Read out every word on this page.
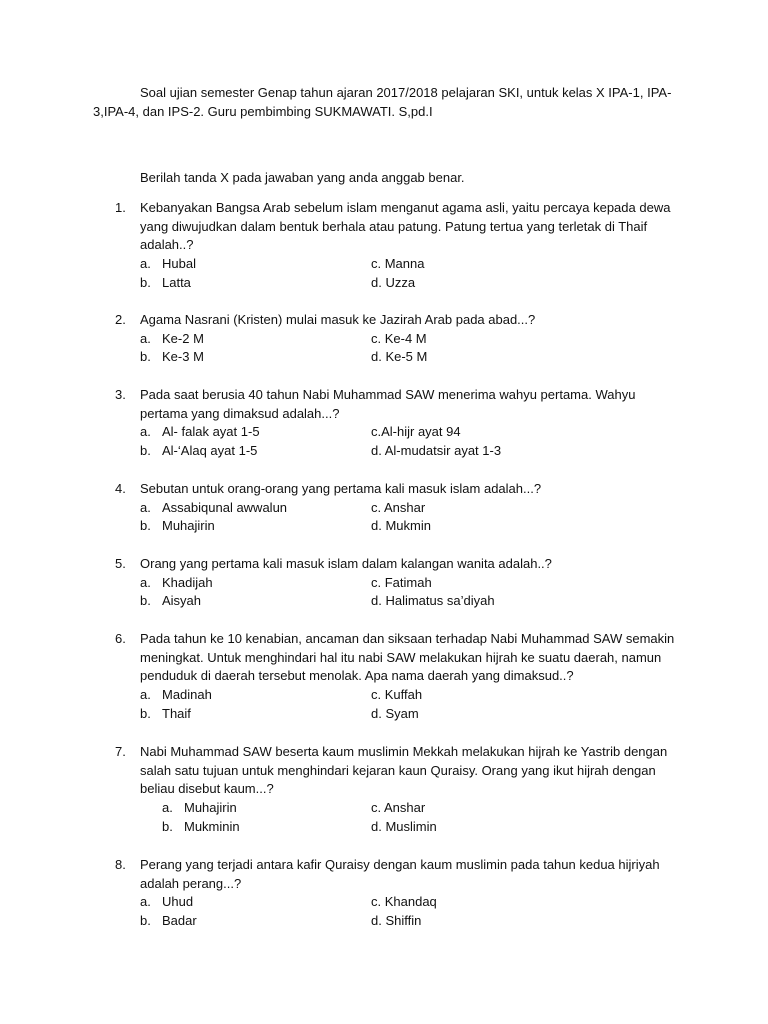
Soal ujian semester Genap tahun ajaran 2017/2018 pelajaran SKI, untuk kelas X IPA-1, IPA-
3,IPA-4, dan IPS-2. Guru pembimbing SUKMAWATI. S,pd.I
Berilah tanda X pada jawaban yang anda anggab benar.
1. Kebanyakan Bangsa Arab sebelum islam menganut agama asli, yaitu percaya kepada dewa
yang diwujudkan dalam bentuk berhala atau patung. Patung tertua yang terletak di Thaif
adalah..?
a. Hubal	c. Manna
b. Latta	d. Uzza
2. Agama Nasrani (Kristen) mulai masuk ke Jazirah Arab pada abad...?
a. Ke-2 M	c. Ke-4 M
b. Ke-3 M	d. Ke-5 M
3. Pada saat berusia 40 tahun Nabi Muhammad SAW menerima wahyu pertama. Wahyu
pertama yang dimaksud adalah...?
a. Al- falak ayat 1-5	c.Al-hijr ayat 94
b. Al-‘Alaq ayat 1-5	d. Al-mudatsir ayat 1-3
4. Sebutan untuk orang-orang yang pertama kali masuk islam adalah...?
a. Assabiqunal awwalun	c. Anshar
b. Muhajirin	d. Mukmin
5. Orang yang pertama kali masuk islam dalam kalangan wanita adalah..?
a. Khadijah	c. Fatimah
b. Aisyah	d. Halimatus sa’diyah
6. Pada tahun ke 10 kenabian, ancaman dan siksaan terhadap Nabi Muhammad SAW semakin
meningkat. Untuk menghindari hal itu nabi SAW melakukan hijrah ke suatu daerah, namun
penduduk di daerah tersebut menolak. Apa nama daerah yang dimaksud..?
a. Madinah	c. Kuffah
b. Thaif	d. Syam
7. Nabi Muhammad SAW beserta kaum muslimin Mekkah melakukan hijrah ke Yastrib dengan
salah satu tujuan untuk menghindari kejaran kaun Quraisy. Orang yang ikut hijrah dengan
beliau disebut kaum...?
a. Muhajirin	c. Anshar
b. Mukminin	d. Muslimin
8. Perang yang terjadi antara kafir Quraisy dengan kaum muslimin pada tahun kedua hijriyah
adalah perang...?
a. Uhud	c. Khandaq
b. Badar	d. Shiffin
